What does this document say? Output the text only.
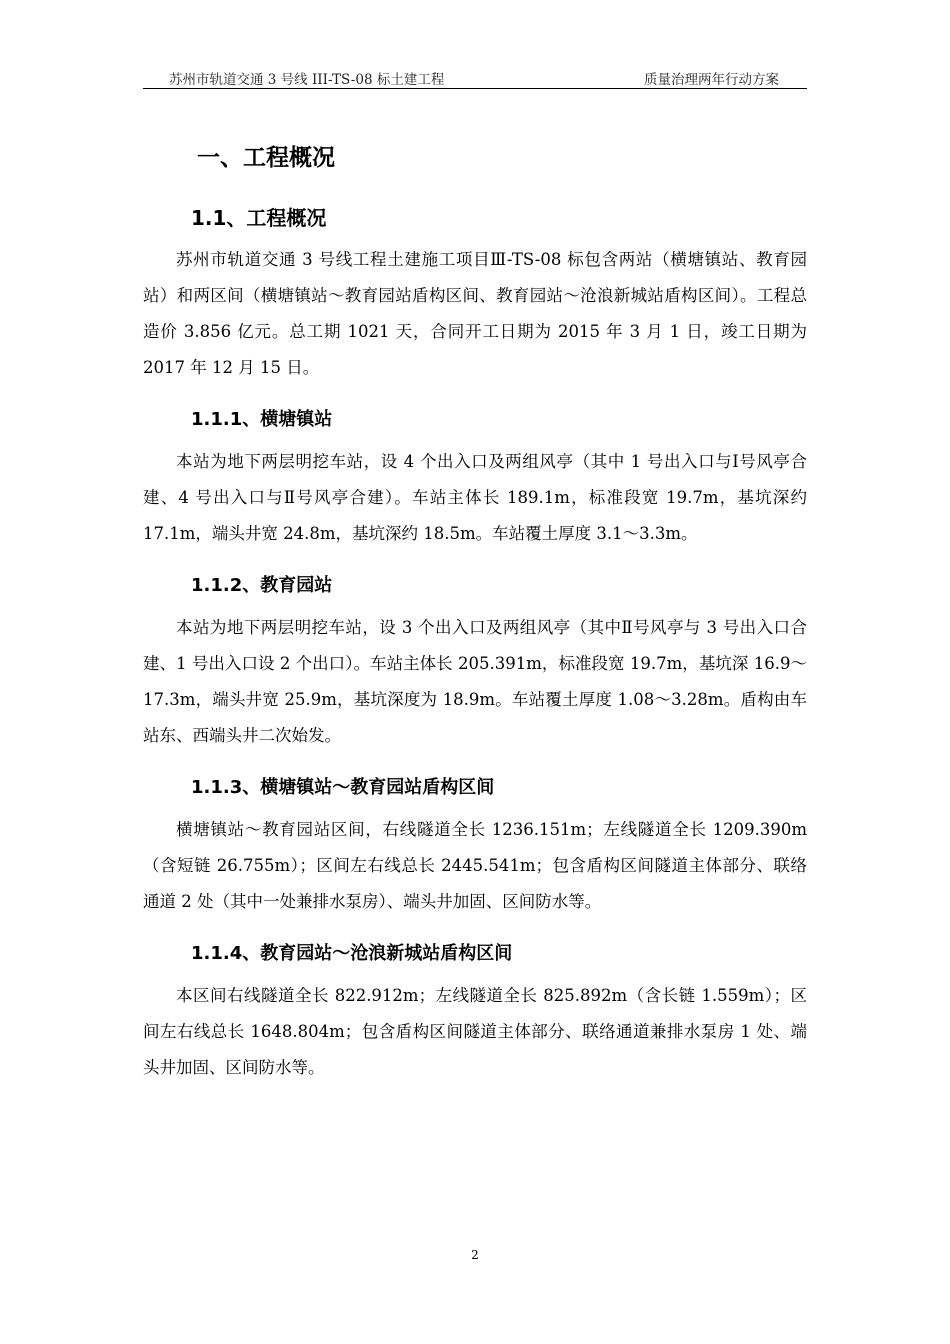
苏州市轨道交通 3 号线 III-TS-08 标土建工程	质量治理两年行动方案
一、工程概况
1.1、工程概况

苏州市轨道交通 3 号线工程土建施工项目Ⅲ-TS-08 标包含两站（横塘镇站、教育园站）和两区间（横塘镇站～教育园站盾构区间、教育园站～沧浪新城站盾构区间）。工程总造价 3.856 亿元。总工期 1021 天，合同开工日期为 2015 年 3 月 1 日，竣工日期为 2017 年 12 月 15 日。

1.1.1、横塘镇站

本站为地下两层明挖车站，设 4 个出入口及两组风亭（其中 1 号出入口与Ⅰ号风亭合建、4 号出入口与Ⅱ号风亭合建）。车站主体长 189.1m，标准段宽 19.7m，基坑深约 17.1m，端头井宽 24.8m，基坑深约 18.5m。车站覆土厚度 3.1～3.3m。

1.1.2、教育园站

本站为地下两层明挖车站，设 3 个出入口及两组风亭（其中Ⅱ号风亭与 3 号出入口合建、1 号出入口设 2 个出口）。车站主体长 205.391m，标准段宽 19.7m，基坑深 16.9～17.3m，端头井宽 25.9m，基坑深度为 18.9m。车站覆土厚度 1.08～3.28m。盾构由车站东、西端头井二次始发。

1.1.3、横塘镇站～教育园站盾构区间

横塘镇站～教育园站区间，右线隧道全长 1236.151m；左线隧道全长 1209.390m（含短链 26.755m）；区间左右线总长 2445.541m；包含盾构区间隧道主体部分、联络通道 2 处（其中一处兼排水泵房）、端头井加固、区间防水等。

1.1.4、教育园站～沧浪新城站盾构区间

本区间右线隧道全长 822.912m；左线隧道全长 825.892m（含长链 1.559m）；区间左右线总长 1648.804m；包含盾构区间隧道主体部分、联络通道兼排水泵房 1 处、端头井加固、区间防水等。

2
